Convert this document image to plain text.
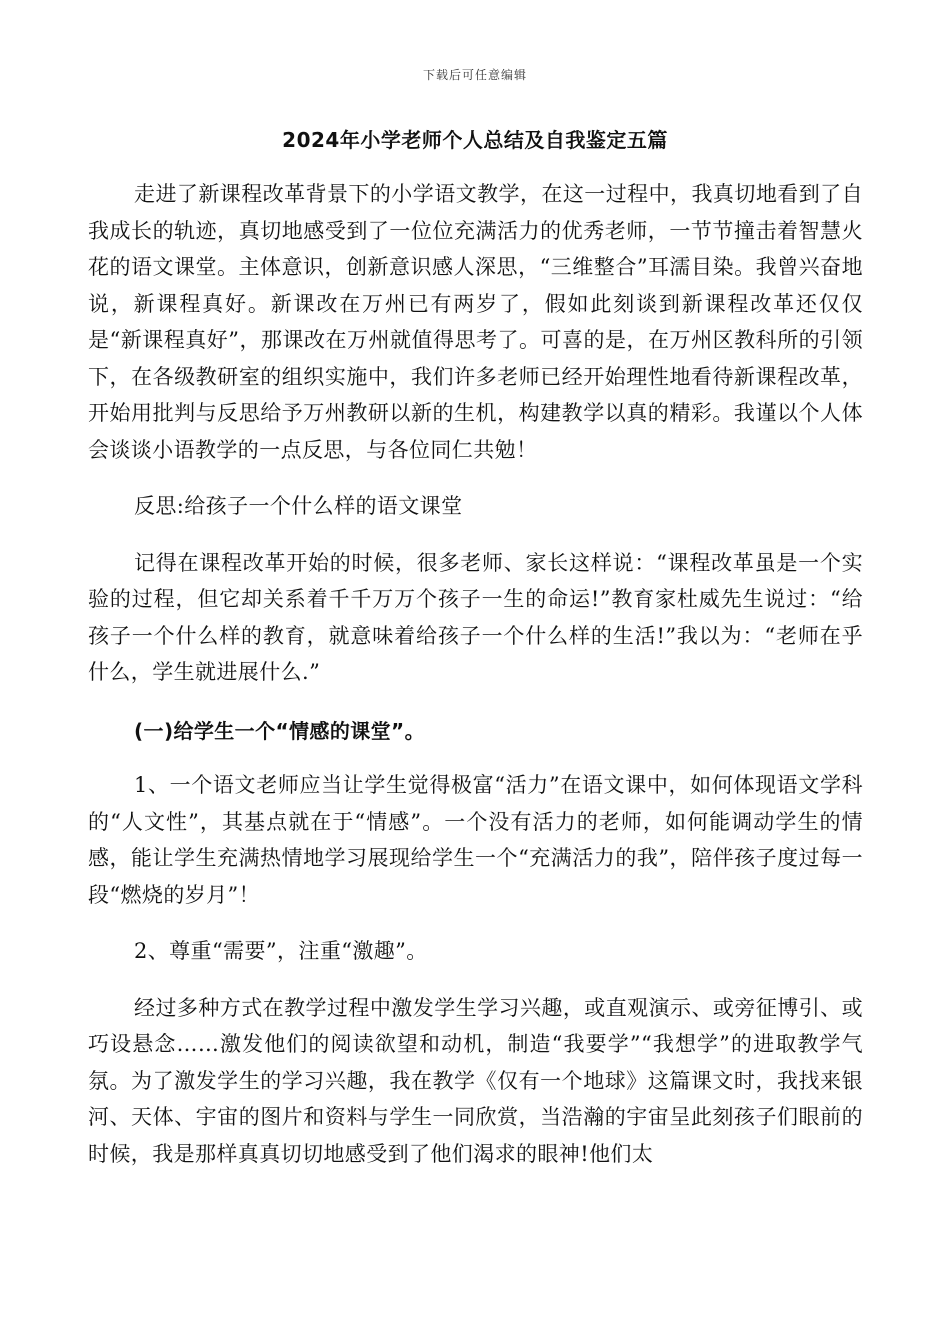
下载后可任意编辑
2024年小学老师个人总结及自我鉴定五篇

走进了新课程改革背景下的小学语文教学，在这一过程中，我真切地看到了自我成长的轨迹，真切地感受到了一位位充满活力的优秀老师，一节节撞击着智慧火花的语文课堂。主体意识，创新意识感人深思，“三维整合”耳濡目染。我曾兴奋地说，新课程真好。新课改在万州已有两岁了，假如此刻谈到新课程改革还仅仅是“新课程真好”，那课改在万州就值得思考了。可喜的是，在万州区教科所的引领下，在各级教研室的组织实施中，我们许多老师已经开始理性地看待新课程改革，开始用批判与反思给予万州教研以新的生机，构建教学以真的精彩。我谨以个人体会谈谈小语教学的一点反思，与各位同仁共勉！

反思:给孩子一个什么样的语文课堂

记得在课程改革开始的时候，很多老师、家长这样说：“课程改革虽是一个实验的过程，但它却关系着千千万万个孩子一生的命运!”教育家杜威先生说过：“给孩子一个什么样的教育，就意味着给孩子一个什么样的生活!”我以为：“老师在乎什么，学生就进展什么.”

(一)给学生一个“情感的课堂”。

1、一个语文老师应当让学生觉得极富“活力”在语文课中，如何体现语文学科的“人文性”，其基点就在于“情感”。一个没有活力的老师，如何能调动学生的情感，能让学生充满热情地学习展现给学生一个“充满活力的我”，陪伴孩子度过每一段“燃烧的岁月”！

2、尊重“需要”，注重“激趣”。

经过多种方式在教学过程中激发学生学习兴趣，或直观演示、或旁征博引、或巧设悬念……激发他们的阅读欲望和动机，制造“我要学”“我想学”的进取教学气氛。为了激发学生的学习兴趣，我在教学《仅有一个地球》这篇课文时，我找来银河、天体、宇宙的图片和资料与学生一同欣赏，当浩瀚的宇宙呈此刻孩子们眼前的时候，我是那样真真切切地感受到了他们渴求的眼神!他们太
